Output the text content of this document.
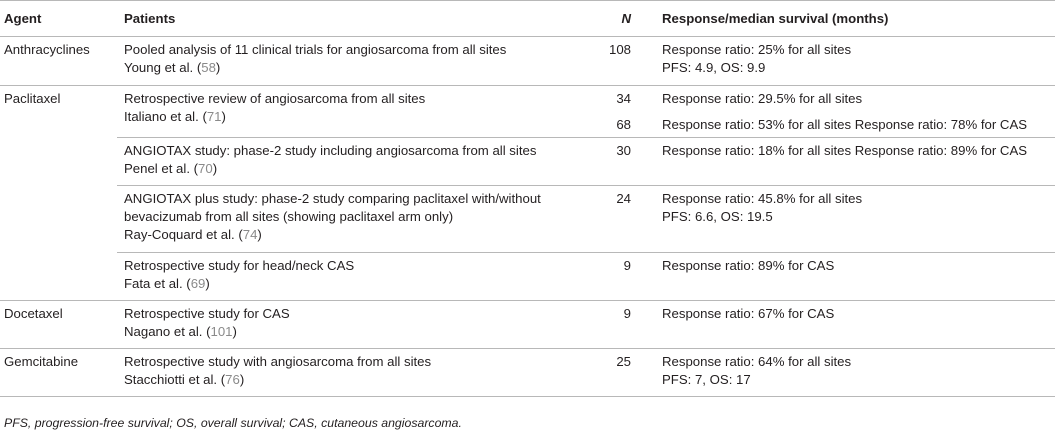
Agent	Patients	N	Response/median survival (months)
Anthracyclines	Pooled analysis of 11 clinical trials for angiosarcoma from all sites
Young et al. (58)	108	Response ratio: 25% for all sites
PFS: 4.9, OS: 9.9

Paclitaxel	Retrospective review of angiosarcoma from all sites
Italiano et al. (71)	34	Response ratio: 29.5% for all sites

		68	Response ratio: 53% for all sites Response ratio: 78% for CAS

	ANGIOTAX study: phase-2 study including angiosarcoma from all sites
Penel et al. (70)	30	Response ratio: 18% for all sites Response ratio: 89% for CAS

	ANGIOTAX plus study: phase-2 study comparing paclitaxel with/without
bevacizumab from all sites (showing paclitaxel arm only)
Ray-Coquard et al. (74)	24	Response ratio: 45.8% for all sites
PFS: 6.6, OS: 19.5

	Retrospective study for head/neck CAS
Fata et al. (69)	9	Response ratio: 89% for CAS

Docetaxel	Retrospective study for CAS
Nagano et al. (101)	9	Response ratio: 67% for CAS

Gemcitabine	Retrospective study with angiosarcoma from all sites
Stacchiotti et al. (76)	25	Response ratio: 64% for all sites
PFS: 7, OS: 17
PFS, progression-free survival; OS, overall survival; CAS, cutaneous angiosarcoma.
